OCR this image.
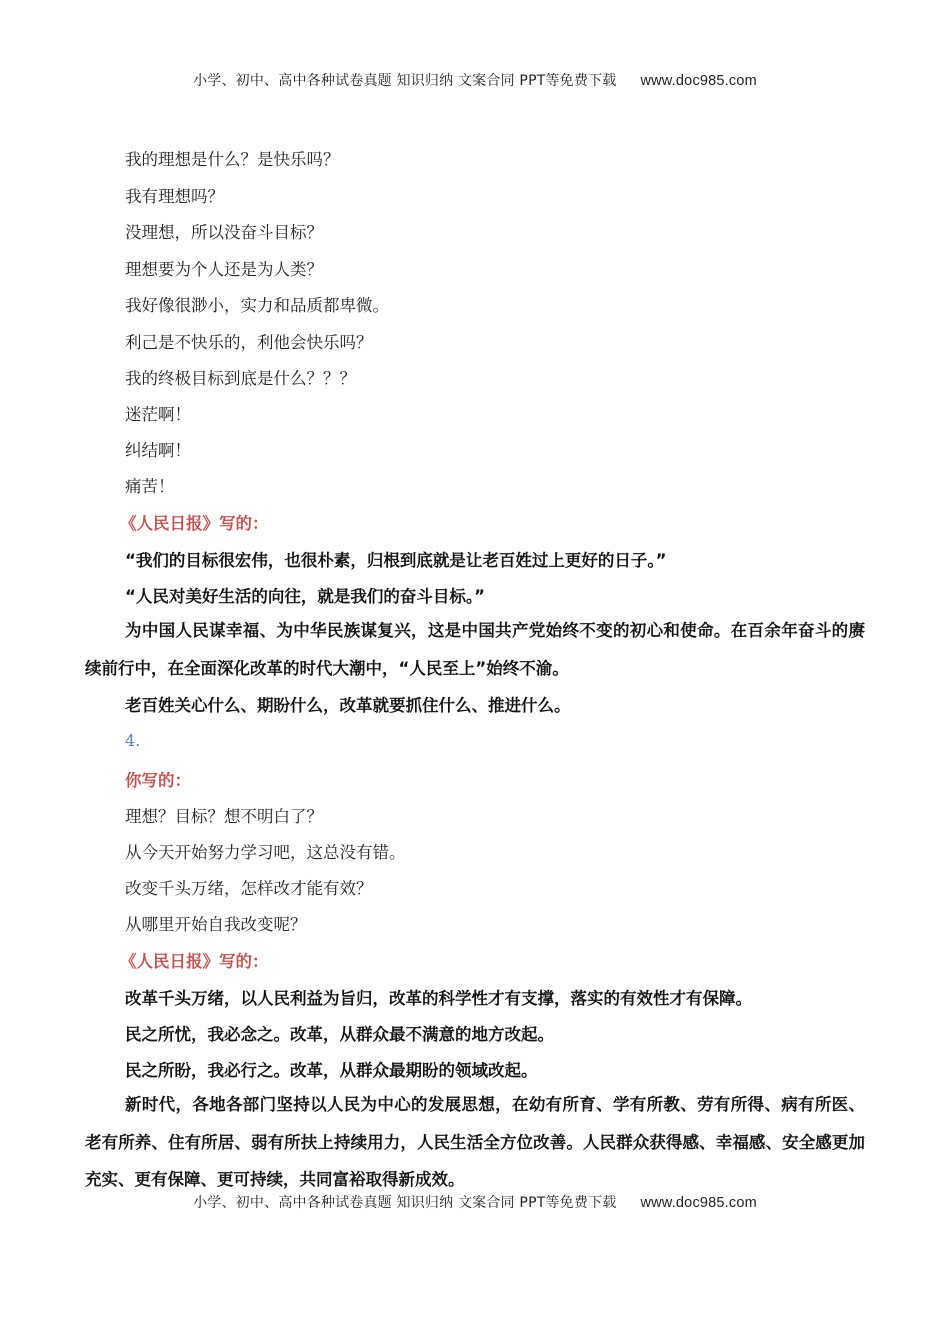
小学、初中、高中各种试卷真题 知识归纳 文案合同 PPT等免费下载 www.doc985.com
我的理想是什么？是快乐吗？
我有理想吗？
没理想，所以没奋斗目标？
理想要为个人还是为人类？
我好像很渺小，实力和品质都卑微。
利己是不快乐的，利他会快乐吗？
我的终极目标到底是什么？？？
迷茫啊！
纠结啊！
痛苦！
《人民日报》写的：
“我们的目标很宏伟，也很朴素，归根到底就是让老百姓过上更好的日子。”
“人民对美好生活的向往，就是我们的奋斗目标。”
为中国人民谋幸福、为中华民族谋复兴，这是中国共产党始终不变的初心和使命。在百余年奋斗的赓续前行中，在全面深化改革的时代大潮中，“人民至上”始终不渝。
老百姓关心什么、期盼什么，改革就要抓住什么、推进什么。
4.
你写的：
理想？目标？想不明白了？
从今天开始努力学习吧，这总没有错。
改变千头万绪，怎样改才能有效？
从哪里开始自我改变呢？
《人民日报》写的：
改革千头万绪，以人民利益为旨归，改革的科学性才有支撑，落实的有效性才有保障。
民之所忧，我必念之。改革，从群众最不满意的地方改起。
民之所盼，我必行之。改革，从群众最期盼的领域改起。
新时代，各地各部门坚持以人民为中心的发展思想，在幼有所育、学有所教、劳有所得、病有所医、老有所养、住有所居、弱有所扶上持续用力，人民生活全方位改善。人民群众获得感、幸福感、安全感更加充实、更有保障、更可持续，共同富裕取得新成效。
小学、初中、高中各种试卷真题 知识归纳 文案合同 PPT等免费下载 www.doc985.com
